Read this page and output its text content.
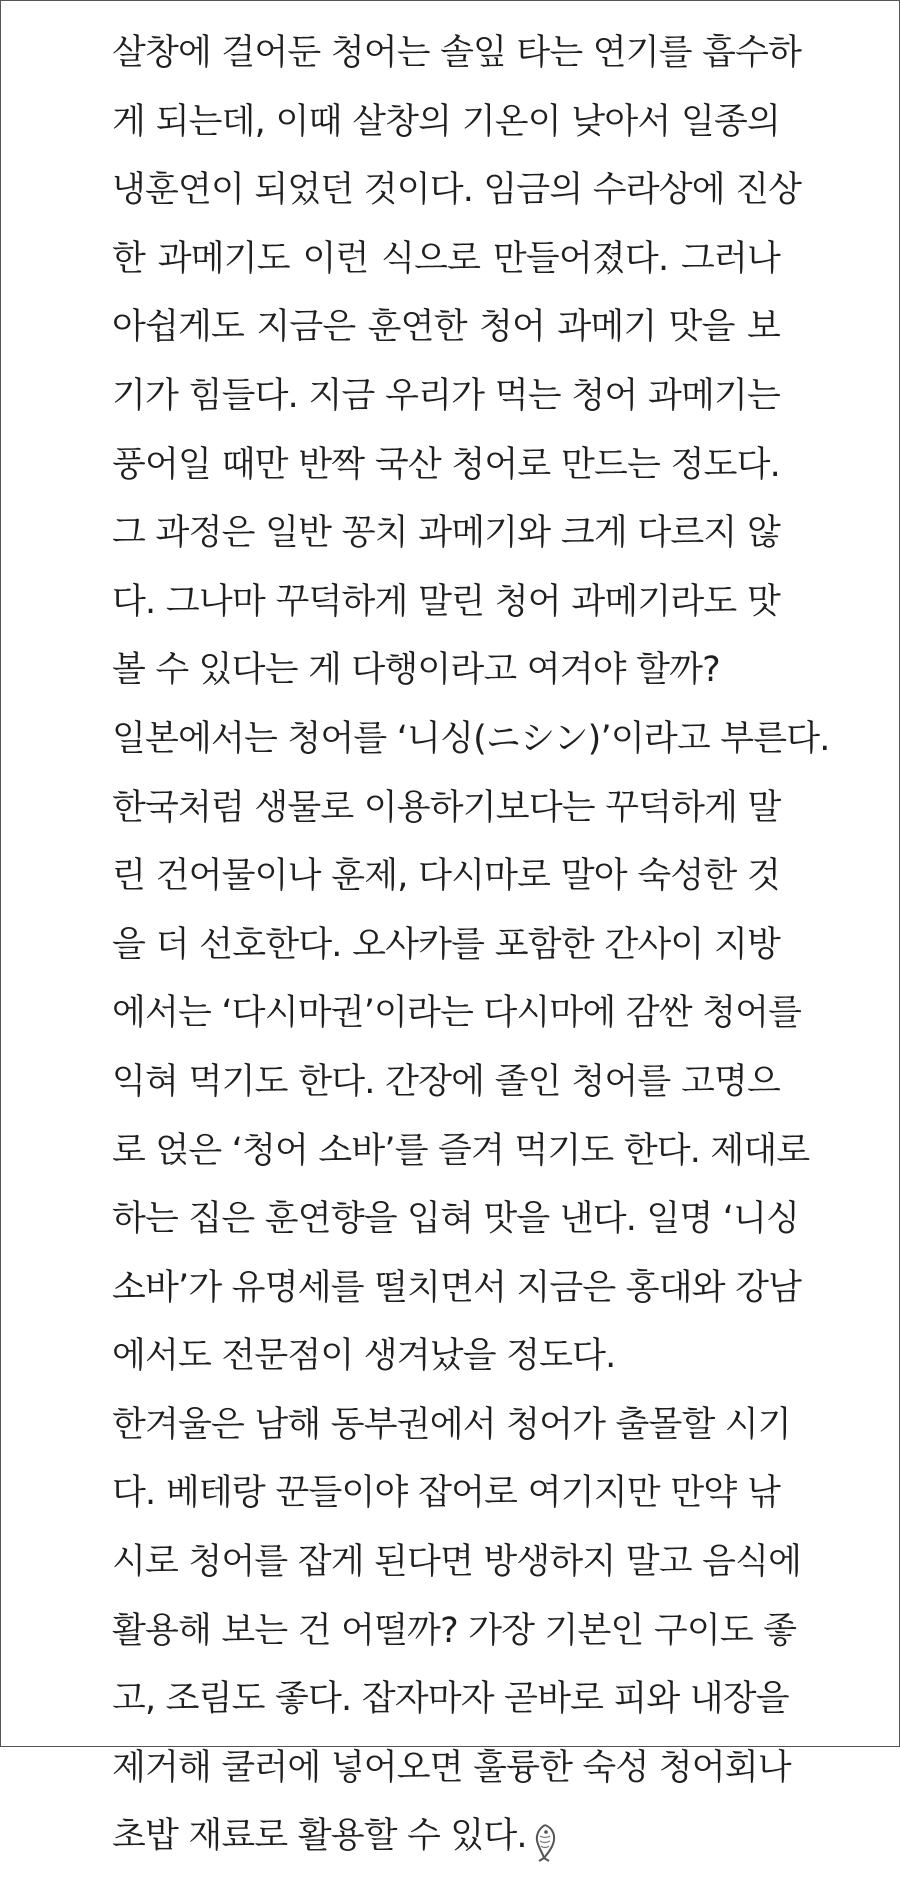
살창에 걸어둔 청어는 솔잎 타는 연기를 흡수하
게 되는데, 이때 살창의 기온이 낮아서 일종의
냉훈연이 되었던 것이다. 임금의 수라상에 진상
한 과메기도 이런 식으로 만들어졌다. 그러나
아쉽게도 지금은 훈연한 청어 과메기 맛을 보
기가 힘들다. 지금 우리가 먹는 청어 과메기는
풍어일 때만 반짝 국산 청어로 만드는 정도다.
그 과정은 일반 꽁치 과메기와 크게 다르지 않
다. 그나마 꾸덕하게 말린 청어 과메기라도 맛
볼 수 있다는 게 다행이라고 여겨야 할까?
일본에서는 청어를 ‘니싱(ニシン)’이라고 부른다.
한국처럼 생물로 이용하기보다는 꾸덕하게 말
린 건어물이나 훈제, 다시마로 말아 숙성한 것
을 더 선호한다. 오사카를 포함한 간사이 지방
에서는 ‘다시마권’이라는 다시마에 감싼 청어를
익혀 먹기도 한다. 간장에 졸인 청어를 고명으
로 얹은 ‘청어 소바’를 즐겨 먹기도 한다. 제대로
하는 집은 훈연향을 입혀 맛을 낸다. 일명 ‘니싱
소바’가 유명세를 떨치면서 지금은 홍대와 강남
에서도 전문점이 생겨났을 정도다.
한겨울은 남해 동부권에서 청어가 출몰할 시기
다. 베테랑 꾼들이야 잡어로 여기지만 만약 낚
시로 청어를 잡게 된다면 방생하지 말고 음식에
활용해 보는 건 어떨까? 가장 기본인 구이도 좋
고, 조림도 좋다. 잡자마자 곧바로 피와 내장을
제거해 쿨러에 넣어오면 훌륭한 숙성 청어회나
초밥 재료로 활용할 수 있다.
